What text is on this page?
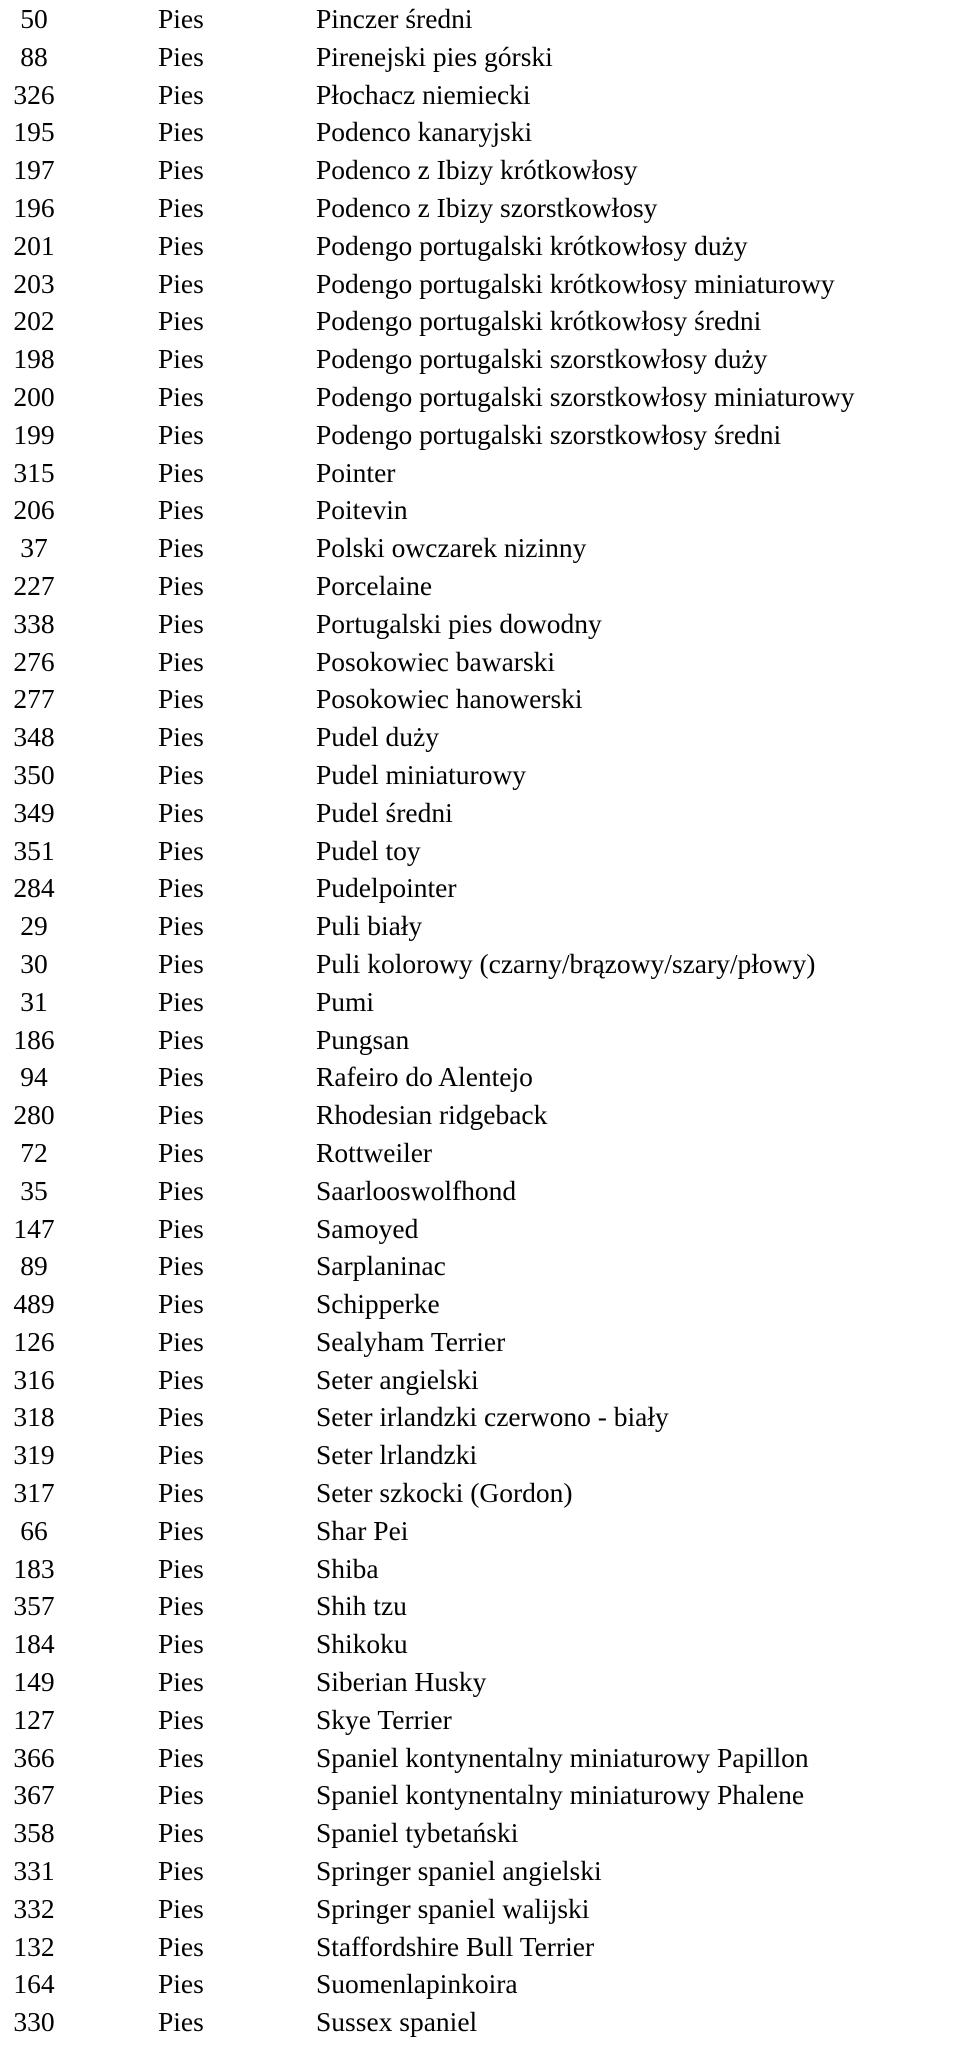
50	Pies	Pinczer średni
88	Pies	Pirenejski pies górski
326	Pies	Płochacz niemiecki
195	Pies	Podenco kanaryjski
197	Pies	Podenco z Ibizy krótkowłosy
196	Pies	Podenco z Ibizy szorstkowłosy
201	Pies	Podengo portugalski krótkowłosy duży
203	Pies	Podengo portugalski krótkowłosy miniaturowy
202	Pies	Podengo portugalski krótkowłosy średni
198	Pies	Podengo portugalski szorstkowłosy duży
200	Pies	Podengo portugalski szorstkowłosy miniaturowy
199	Pies	Podengo portugalski szorstkowłosy średni
315	Pies	Pointer
206	Pies	Poitevin
37	Pies	Polski owczarek nizinny
227	Pies	Porcelaine
338	Pies	Portugalski pies dowodny
276	Pies	Posokowiec bawarski
277	Pies	Posokowiec hanowerski
348	Pies	Pudel duży
350	Pies	Pudel miniaturowy
349	Pies	Pudel średni
351	Pies	Pudel toy
284	Pies	Pudelpointer
29	Pies	Puli biały
30	Pies	Puli kolorowy (czarny/brązowy/szary/płowy)
31	Pies	Pumi
186	Pies	Pungsan
94	Pies	Rafeiro do Alentejo
280	Pies	Rhodesian ridgeback
72	Pies	Rottweiler
35	Pies	Saarlooswolfhond
147	Pies	Samoyed
89	Pies	Sarplaninac
489	Pies	Schipperke
126	Pies	Sealyham Terrier
316	Pies	Seter angielski
318	Pies	Seter irlandzki czerwono - biały
319	Pies	Seter lrlandzki
317	Pies	Seter szkocki (Gordon)
66	Pies	Shar Pei
183	Pies	Shiba
357	Pies	Shih tzu
184	Pies	Shikoku
149	Pies	Siberian Husky
127	Pies	Skye Terrier
366	Pies	Spaniel kontynentalny miniaturowy Papillon
367	Pies	Spaniel kontynentalny miniaturowy Phalene
358	Pies	Spaniel tybetański
331	Pies	Springer spaniel angielski
332	Pies	Springer spaniel walijski
132	Pies	Staffordshire Bull Terrier
164	Pies	Suomenlapinkoira
330	Pies	Sussex spaniel
